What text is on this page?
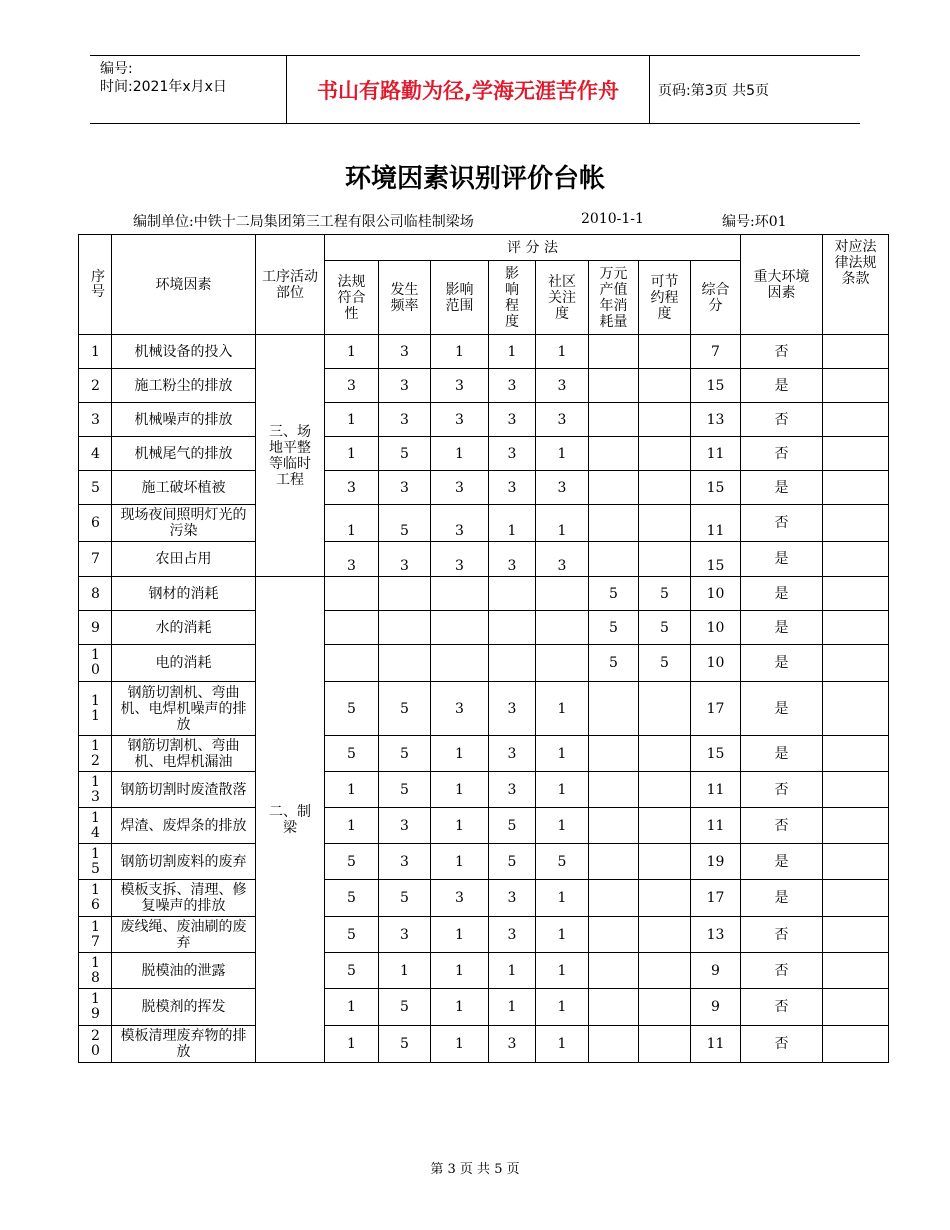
编号:
时间:2021年x月x日	书山有路勤为径,学海无涯苦作舟	页码:第3页 共5页
环境因素识别评价台帐
编制单位:中铁十二局集团第三工程有限公司临桂制梁场	2010-1-1	编号:环01
序号	环境因素	工序活动部位	评 分 法								重大环境因素	对应法律法规条款
			法规符合性	发生频率	影响范围	影响程度	社区关注度	万元产值年消耗量	可节约程度	综合分		
1	机械设备的投入	三、场地平整等临时工程	1	3	1	1	1			7	否	
2	施工粉尘的排放		3	3	3	3	3			15	是	
3	机械噪声的排放		1	3	3	3	3			13	否	
4	机械尾气的排放		1	5	1	3	1			11	否	
5	施工破坏植被		3	3	3	3	3			15	是	
6	现场夜间照明灯光的污染		1	5	3	1	1			11	否	
7	农田占用		3	3	3	3	3			15	是	
8	钢材的消耗	二、制梁						5	5	10	是	
9	水的消耗							5	5	10	是	
10	电的消耗							5	5	10	是	
11	钢筋切割机、弯曲机、电焊机噪声的排放		5	5	3	3	1			17	是	
12	钢筋切割机、弯曲机、电焊机漏油		5	5	1	3	1			15	是	
13	钢筋切割时废渣散落		1	5	1	3	1			11	否	
14	焊渣、废焊条的排放		1	3	1	5	1			11	否	
15	钢筋切割废料的废弃		5	3	1	5	5			19	是	
16	模板支拆、清理、修复噪声的排放		5	5	3	3	1			17	是	
17	废线绳、废油刷的废弃		5	3	1	3	1			13	否	
18	脱模油的泄露		5	1	1	1	1			9	否	
19	脱模剂的挥发		1	5	1	1	1			9	否	
20	模板清理废弃物的排放		1	5	1	3	1			11	否	
第 3 页 共 5 页
